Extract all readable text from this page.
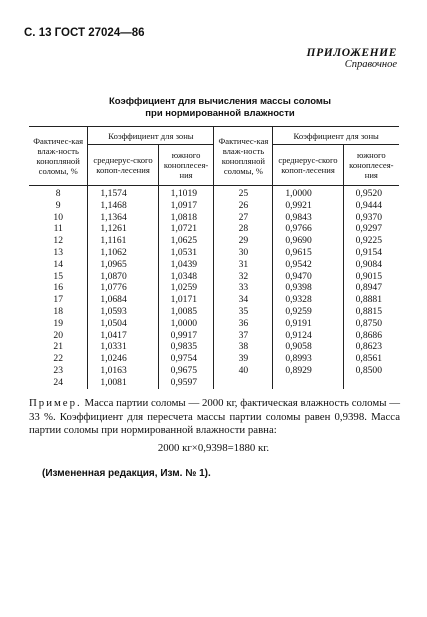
С. 13 ГОСТ 27024—86
ПРИЛОЖЕНИЕ
Справочное
Коэффициент для вычисления массы соломы
при нормированной влажности
Фактичес-кая влаж-ность конопляной соломы, %	Коэффициент для зоны		Фактичес-кая влаж-ность конопляной соломы, %	Коэффициент для зоны	
	среднерус-ского копоп-лесения	южного коноплесея-ния		среднерус-ского копоп-лесения	южного коноплесея-ния
8	1,1574	1,1019	25	1,0000	0,9520
9	1,1468	1,0917	26	0,9921	0,9444
10	1,1364	1,0818	27	0,9843	0,9370
11	1,1261	1,0721	28	0,9766	0,9297
12	1,1161	1,0625	29	0,9690	0,9225
13	1,1062	1,0531	30	0,9615	0,9154
14	1,0965	1,0439	31	0,9542	0,9084
15	1,0870	1,0348	32	0,9470	0,9015
16	1,0776	1,0259	33	0,9398	0,8947
17	1,0684	1,0171	34	0,9328	0,8881
18	1,0593	1,0085	35	0,9259	0,8815
19	1,0504	1,0000	36	0,9191	0,8750
20	1,0417	0,9917	37	0,9124	0,8686
21	1,0331	0,9835	38	0,9058	0,8623
22	1,0246	0,9754	39	0,8993	0,8561
23	1,0163	0,9675	40	0,8929	0,8500
24	1,0081	0,9597			
Пример. Масса партии соломы — 2000 кг, фактическая влажность соломы — 33 %. Коэффициент для пересчета массы партии соломы равен 0,9398. Масса партии соломы при нормированной влажности равна:
2000 кг×0,9398=1880 кг.
(Измененная редакция, Изм. № 1).
